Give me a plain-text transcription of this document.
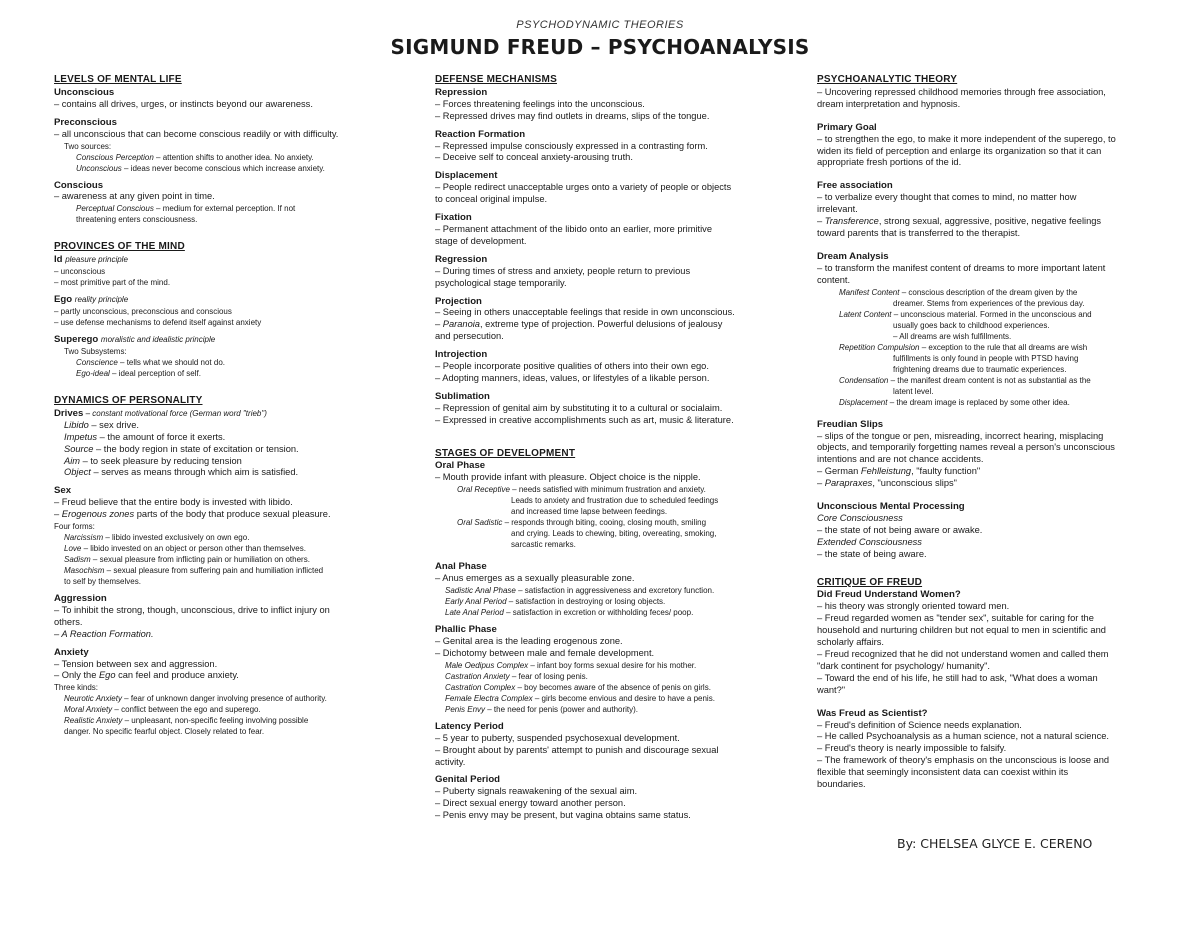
PSYCHODYNAMIC THEORIES
SIGMUND FREUD – PSYCHOANALYSIS

LEVELS OF MENTAL LIFE

Unconscious

– contains all drives, urges, or instincts beyond our awareness.

Preconscious

– all unconscious that can become conscious readily or with difficulty.

Two sources:

Conscious Perception – attention shifts to another idea. No anxiety.

Unconscious – ideas never become conscious which increase anxiety.

Conscious

– awareness at any given point in time.

Perceptual Conscious – medium for external perception. If not

threatening enters consciousness.

PROVINCES OF THE MIND

Id pleasure principle

– unconscious

– most primitive part of the mind.

Ego reality principle

– partly unconscious, preconscious and conscious

– use defense mechanisms to defend itself against anxiety

Superego moralistic and idealistic principle

Two Subsystems:

Conscience – tells what we should not do.

Ego-ideal – ideal perception of self.

DYNAMICS OF PERSONALITY

Drives – constant motivational force (German word "trieb")

Libido – sex drive.

Impetus – the amount of force it exerts.

Source – the body region in state of excitation or tension.

Aim – to seek pleasure by reducing tension

Object – serves as means through which aim is satisfied.

Sex

– Freud believe that the entire body is invested with libido.

– Erogenous zones parts of the body that produce sexual pleasure.

Four forms:

Narcissism – libido invested exclusively on own ego.

Love – libido invested on an object or person other than themselves.

Sadism – sexual pleasure from inflicting pain or humiliation on others.

Masochism – sexual pleasure from suffering pain and humiliation inflicted

to self by themselves.

Aggression

– To inhibit the strong, though, unconscious, drive to inflict injury on

others.

– A Reaction Formation.

Anxiety

– Tension between sex and aggression.

– Only the Ego can feel and produce anxiety.

Three kinds:

Neurotic Anxiety – fear of unknown danger involving presence of authority.

Moral Anxiety – conflict between the ego and superego.

Realistic Anxiety – unpleasant, non-specific feeling involving possible

danger. No specific fearful object. Closely related to fear.

DEFENSE MECHANISMS

Repression

– Forces threatening feelings into the unconscious.

– Repressed drives may find outlets in dreams, slips of the tongue.

Reaction Formation

– Repressed impulse consciously expressed in a contrasting form.

– Deceive self to conceal anxiety-arousing truth.

Displacement

– People redirect unacceptable urges onto a variety of people or objects

to conceal original impulse.

Fixation

– Permanent attachment of the libido onto an earlier, more primitive

stage of development.

Regression

– During times of stress and anxiety, people return to previous

psychological stage temporarily.

Projection

– Seeing in others unacceptable feelings that reside in own unconscious.

– Paranoia, extreme type of projection. Powerful delusions of jealousy

and persecution.

Introjection

– People incorporate positive qualities of others into their own ego.

– Adopting manners, ideas, values, or lifestyles of a likable person.

Sublimation

– Repression of genital aim by substituting it to a cultural or socialaim.

– Expressed in creative accomplishments such as art, music & literature.

STAGES OF DEVELOPMENT

Oral Phase

– Mouth provide infant with pleasure. Object choice is the nipple.

Oral Receptive – needs satisfied with minimum frustration and anxiety.

Leads to anxiety and frustration due to scheduled feedings

and increased time lapse between feedings.

Oral Sadistic – responds through biting, cooing, closing mouth, smiling

and crying. Leads to chewing, biting, overeating, smoking,

sarcastic remarks.

Anal Phase

– Anus emerges as a sexually pleasurable zone.

Sadistic Anal Phase – satisfaction in aggressiveness and excretory function.

Early Anal Period – satisfaction in destroying or losing objects.

Late Anal Period – satisfaction in excretion or withholding feces/ poop.

Phallic Phase

– Genital area is the leading erogenous zone.

– Dichotomy between male and female development.

Male Oedipus Complex – infant boy forms sexual desire for his mother.

Castration Anxiety – fear of losing penis.

Castration Complex – boy becomes aware of the absence of penis on girls.

Female Electra Complex – girls become envious and desire to have a penis.

Penis Envy – the need for penis (power and authority).

Latency Period

– 5 year to puberty, suspended psychosexual development.

– Brought about by parents' attempt to punish and discourage sexual

activity.

Genital Period

– Puberty signals reawakening of the sexual aim.

– Direct sexual energy toward another person.

– Penis envy may be present, but vagina obtains same status.

PSYCHOANALYTIC THEORY

– Uncovering repressed childhood memories through free association,

dream interpretation and hypnosis.

Primary Goal

– to strengthen the ego, to make it more independent of the superego, to

widen its field of perception and enlarge its organization so that it can

appropriate fresh portions of the id.

Free association

– to verbalize every thought that comes to mind, no matter how

irrelevant.

– Transference, strong sexual, aggressive, positive, negative feelings

toward parents that is transferred to the therapist.

Dream Analysis

– to transform the manifest content of dreams to more important latent

content.

Manifest Content – conscious description of the dream given by the

dreamer. Stems from experiences of the previous day.

Latent Content – unconscious material. Formed in the unconscious and

usually goes back to childhood experiences.

– All dreams are wish fulfillments.

Repetition Compulsion – exception to the rule that all dreams are wish

fulfillments is only found in people with PTSD having

frightening dreams due to traumatic experiences.

Condensation – the manifest dream content is not as substantial as the

latent level.

Displacement – the dream image is replaced by some other idea.

Freudian Slips

– slips of the tongue or pen, misreading, incorrect hearing, misplacing

objects, and temporarily forgetting names reveal a person's unconscious

intentions and are not chance accidents.

– German Fehlleistung, "faulty function"

– Parapraxes, "unconscious slips"

Unconscious Mental Processing

Core Consciousness

– the state of not being aware or awake.

Extended Consciousness

– the state of being aware.

CRITIQUE OF FREUD

Did Freud Understand Women?

– his theory was strongly oriented toward men.

– Freud regarded women as "tender sex", suitable for caring for the

household and nurturing children but not equal to men in scientific and

scholarly affairs.

– Freud recognized that he did not understand women and called them

"dark continent for psychology/ humanity".

– Toward the end of his life, he still had to ask, "What does a woman

want?"

Was Freud as Scientist?

– Freud's definition of Science needs explanation.

– He called Psychoanalysis as a human science, not a natural science.

– Freud's theory is nearly impossible to falsify.

– The framework of theory's emphasis on the unconscious is loose and

flexible that seemingly inconsistent data can coexist within its

boundaries.

By: CHELSEA GLYCE E. CERENO
